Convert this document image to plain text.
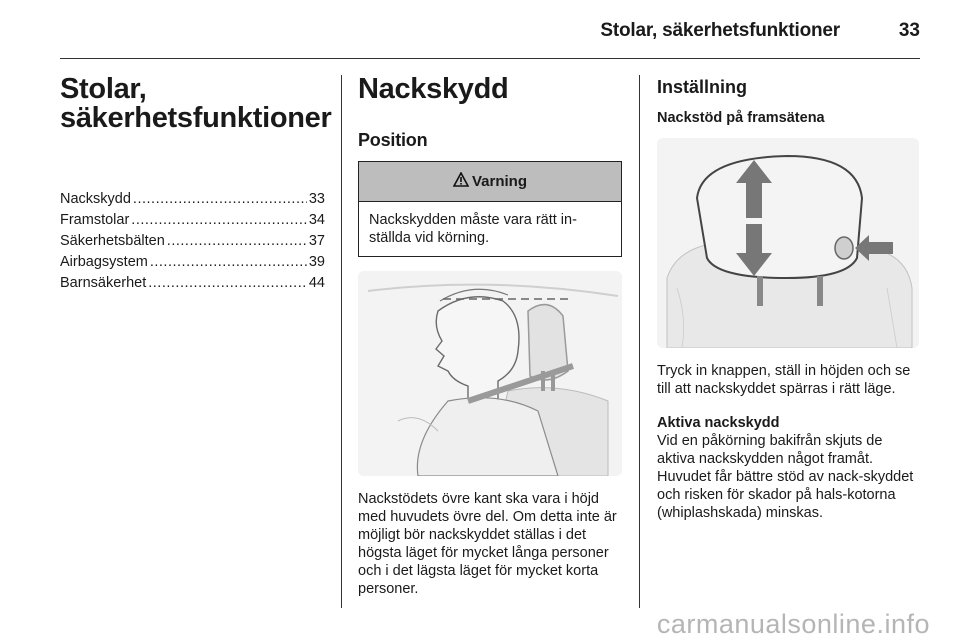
Stolar, säkerhetsfunktioner	33
Stolar,
säkerhetsfunktioner
Nackskydd .....	33
Framstolar .....	34
Säkerhetsbälten .....	37
Airbagsystem .....	39
Barnsäkerhet .....	44
Nackskydd
Position
Varning
Nackskydden måste vara rätt in-ställda vid körning.

Nackstödets övre kant ska vara i höjd med huvudets övre del. Om detta inte är möjligt bör nackskyddet ställas i det högsta läget för mycket långa personer och i det lägsta läget för mycket korta personer.

Inställning
Nackstöd på framsätena

Tryck in knappen, ställ in höjden och se till att nackskyddet spärras i rätt läge.

Aktiva nackskydd

Vid en påkörning bakifrån skjuts de aktiva nackskydden något framåt. Huvudet får bättre stöd av nack-skyddet och risken för skador på hals-kotorna (whiplashskada) minskas.

carmanualsonline.info
